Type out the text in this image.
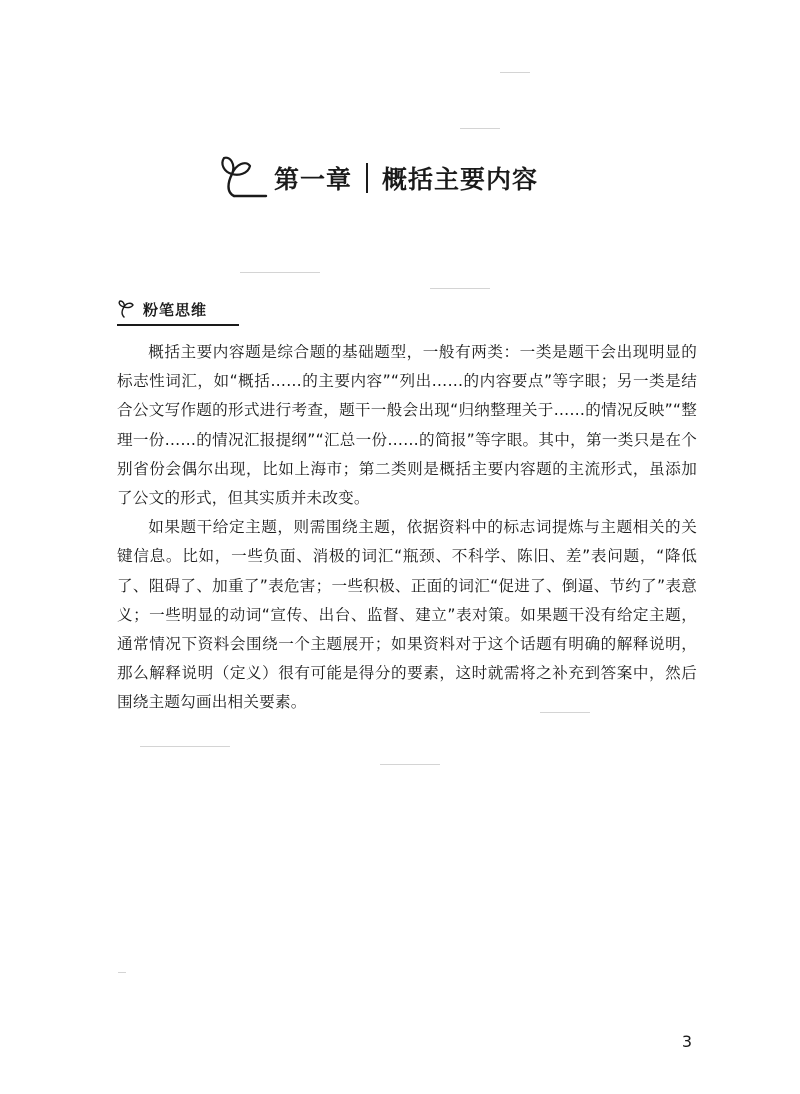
第一章 概括主要内容
粉笔思维

概括主要内容题是综合题的基础题型，一般有两类：一类是题干会出现明显的标志性词汇，如“概括……的主要内容”“列出……的内容要点”等字眼；另一类是结合公文写作题的形式进行考查，题干一般会出现“归纳整理关于……的情况反映”“整理一份……的情况汇报提纲”“汇总一份……的简报”等字眼。其中，第一类只是在个别省份会偶尔出现，比如上海市；第二类则是概括主要内容题的主流形式，虽添加了公文的形式，但其实质并未改变。

如果题干给定主题，则需围绕主题，依据资料中的标志词提炼与主题相关的关键信息。比如，一些负面、消极的词汇“瓶颈、不科学、陈旧、差”表问题，“降低了、阻碍了、加重了”表危害；一些积极、正面的词汇“促进了、倒逼、节约了”表意义；一些明显的动词“宣传、出台、监督、建立”表对策。如果题干没有给定主题，通常情况下资料会围绕一个主题展开；如果资料对于这个话题有明确的解释说明，那么解释说明（定义）很有可能是得分的要素，这时就需将之补充到答案中，然后围绕主题勾画出相关要素。

3
